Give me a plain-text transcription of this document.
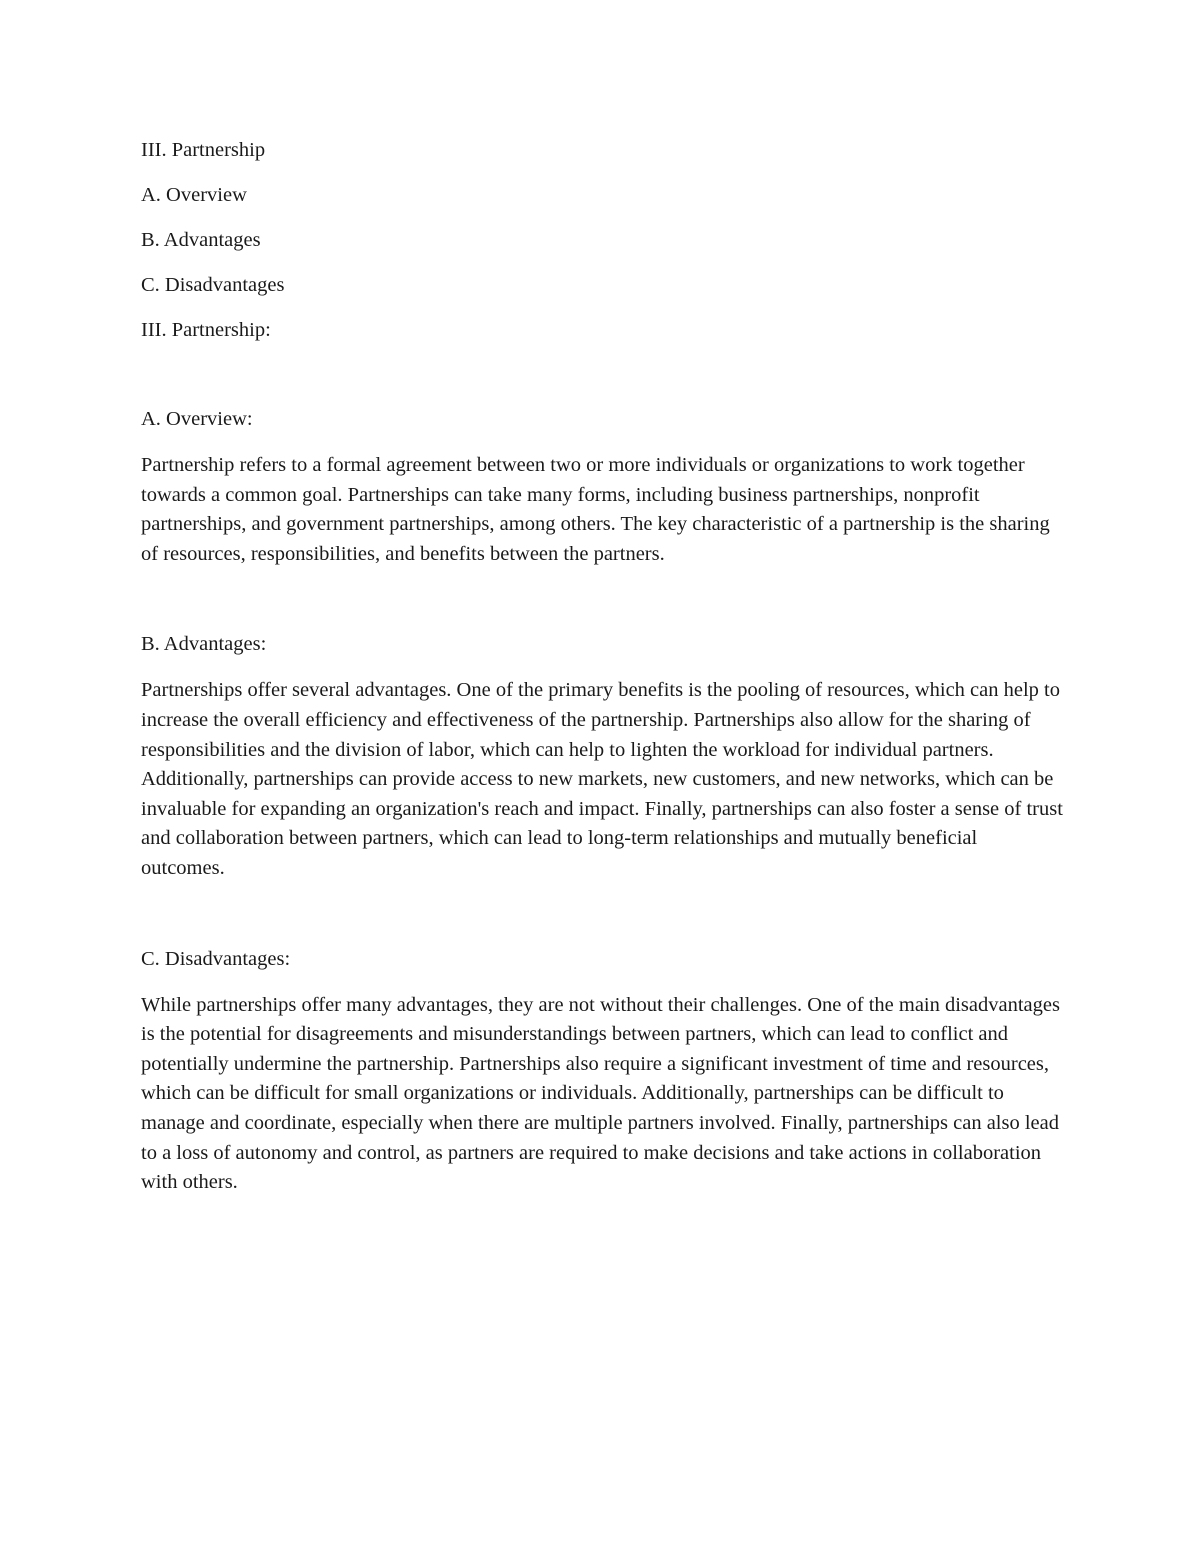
III. Partnership

A. Overview

B. Advantages

C. Disadvantages

III. Partnership:

A. Overview:

Partnership refers to a formal agreement between two or more individuals or organizations to work together towards a common goal. Partnerships can take many forms, including business partnerships, nonprofit partnerships, and government partnerships, among others. The key characteristic of a partnership is the sharing of resources, responsibilities, and benefits between the partners.

B. Advantages:

Partnerships offer several advantages. One of the primary benefits is the pooling of resources, which can help to increase the overall efficiency and effectiveness of the partnership. Partnerships also allow for the sharing of responsibilities and the division of labor, which can help to lighten the workload for individual partners. Additionally, partnerships can provide access to new markets, new customers, and new networks, which can be invaluable for expanding an organization's reach and impact. Finally, partnerships can also foster a sense of trust and collaboration between partners, which can lead to long-term relationships and mutually beneficial outcomes.

C. Disadvantages:

While partnerships offer many advantages, they are not without their challenges. One of the main disadvantages is the potential for disagreements and misunderstandings between partners, which can lead to conflict and potentially undermine the partnership. Partnerships also require a significant investment of time and resources, which can be difficult for small organizations or individuals. Additionally, partnerships can be difficult to manage and coordinate, especially when there are multiple partners involved. Finally, partnerships can also lead to a loss of autonomy and control, as partners are required to make decisions and take actions in collaboration with others.
